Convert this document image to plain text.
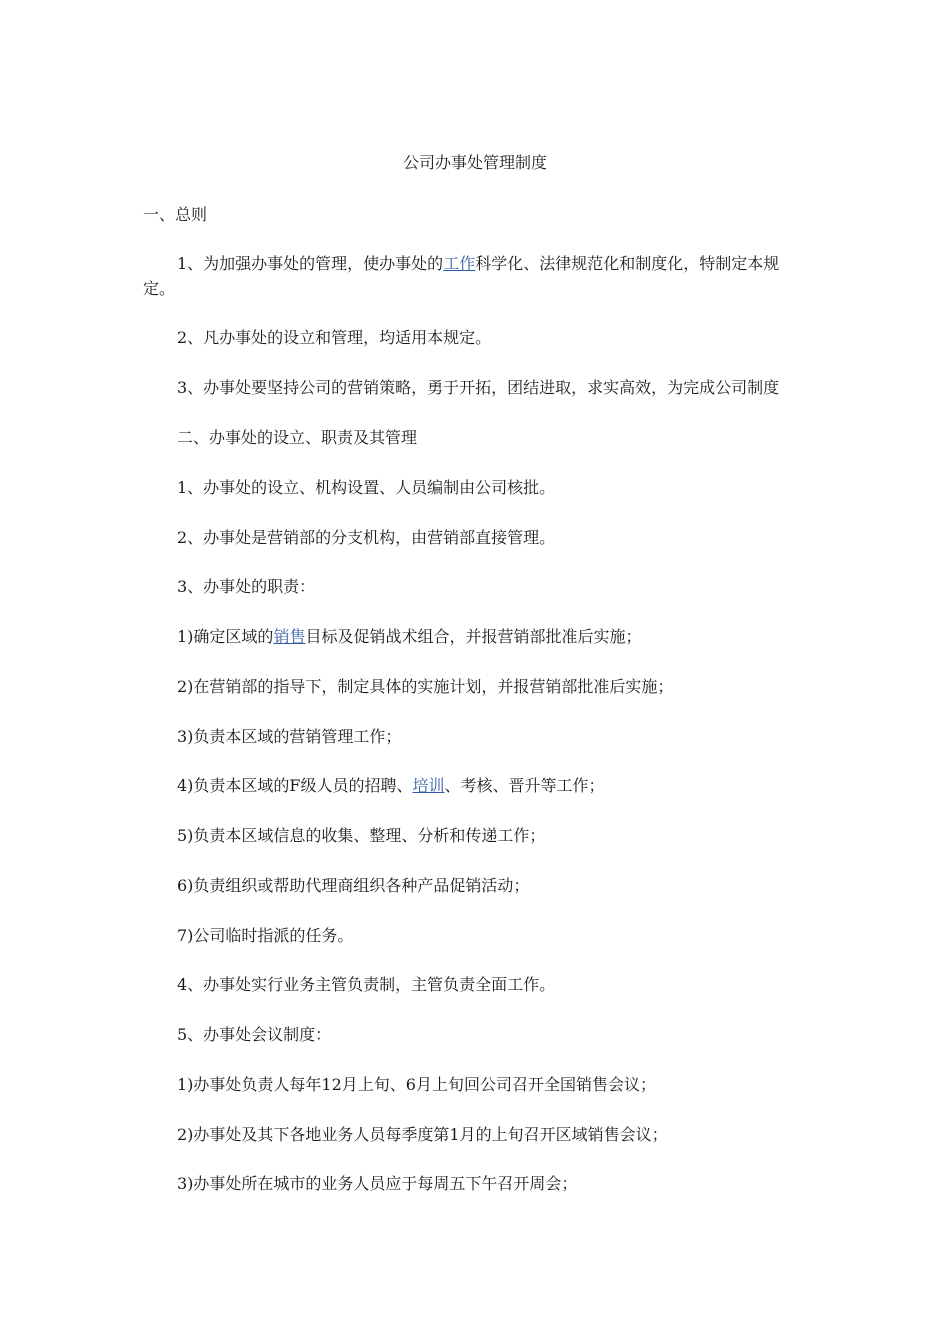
公司办事处管理制度
一、总则
1、为加强办事处的管理，使办事处的工作科学化、法律规范化和制度化，特制定本规定。
2、凡办事处的设立和管理，均适用本规定。
3、办事处要坚持公司的营销策略，勇于开拓，团结进取，求实高效，为完成公司制度
二、办事处的设立、职责及其管理
1、办事处的设立、机构设置、人员编制由公司核批。
2、办事处是营销部的分支机构，由营销部直接管理。
3、办事处的职责：
1)确定区域的销售目标及促销战术组合，并报营销部批准后实施；
2)在营销部的指导下，制定具体的实施计划，并报营销部批准后实施；
3)负责本区域的营销管理工作；
4)负责本区域的F级人员的招聘、培训、考核、晋升等工作；
5)负责本区域信息的收集、整理、分析和传递工作；
6)负责组织或帮助代理商组织各种产品促销活动；
7)公司临时指派的任务。
4、办事处实行业务主管负责制，主管负责全面工作。
5、办事处会议制度：
1)办事处负责人每年12月上旬、6月上旬回公司召开全国销售会议；
2)办事处及其下各地业务人员每季度第1月的上旬召开区域销售会议；
3)办事处所在城市的业务人员应于每周五下午召开周会；
